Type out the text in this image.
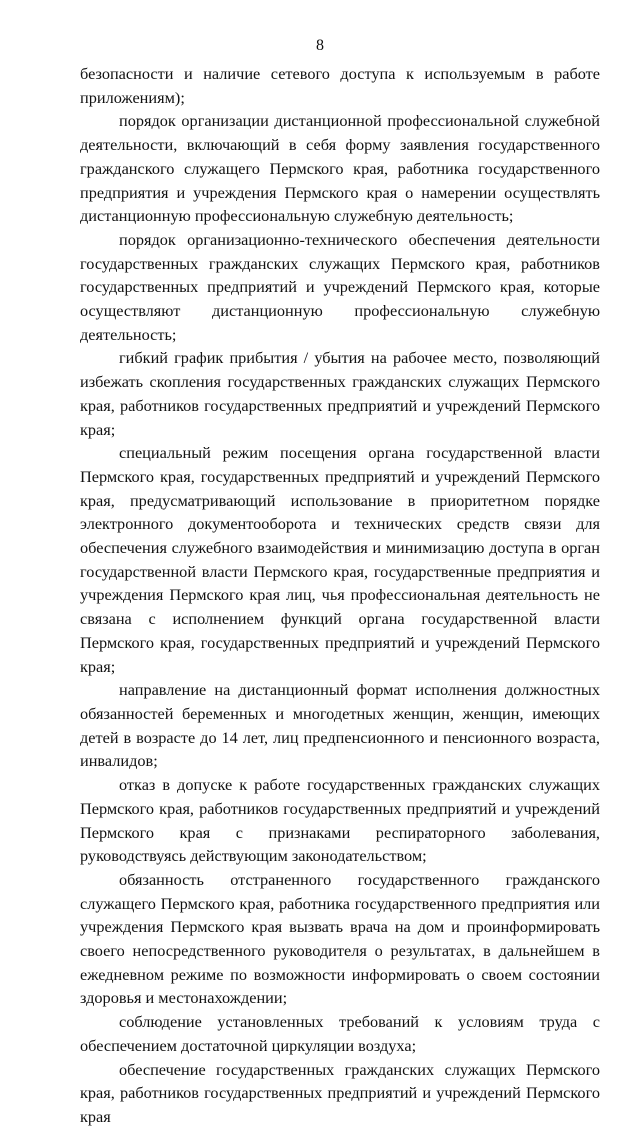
8

безопасности и наличие сетевого доступа к используемым в работе приложениям);

порядок организации дистанционной профессиональной служебной деятельности, включающий в себя форму заявления государственного гражданского служащего Пермского края, работника государственного предприятия и учреждения Пермского края о намерении осуществлять дистанционную профессиональную служебную деятельность;

порядок организационно-технического обеспечения деятельности государственных гражданских служащих Пермского края, работников государственных предприятий и учреждений Пермского края, которые осуществляют дистанционную профессиональную служебную деятельность;

гибкий график прибытия / убытия на рабочее место, позволяющий избежать скопления государственных гражданских служащих Пермского края, работников государственных предприятий и учреждений Пермского края;

специальный режим посещения органа государственной власти Пермского края, государственных предприятий и учреждений Пермского края, предусматривающий использование в приоритетном порядке электронного документооборота и технических средств связи для обеспечения служебного взаимодействия и минимизацию доступа в орган государственной власти Пермского края, государственные предприятия и учреждения Пермского края лиц, чья профессиональная деятельность не связана с исполнением функций органа государственной власти Пермского края, государственных предприятий и учреждений Пермского края;

направление на дистанционный формат исполнения должностных обязанностей беременных и многодетных женщин, женщин, имеющих детей в возрасте до 14 лет, лиц предпенсионного и пенсионного возраста, инвалидов;

отказ в допуске к работе государственных гражданских служащих Пермского края, работников государственных предприятий и учреждений Пермского края с признаками респираторного заболевания, руководствуясь действующим законодательством;

обязанность отстраненного государственного гражданского служащего Пермского края, работника государственного предприятия или учреждения Пермского края вызвать врача на дом и проинформировать своего непосредственного руководителя о результатах, в дальнейшем в ежедневном режиме по возможности информировать о своем состоянии здоровья и местонахождении;

соблюдение установленных требований к условиям труда с обеспечением достаточной циркуляции воздуха;

обеспечение государственных гражданских служащих Пермского края, работников государственных предприятий и учреждений Пермского края
